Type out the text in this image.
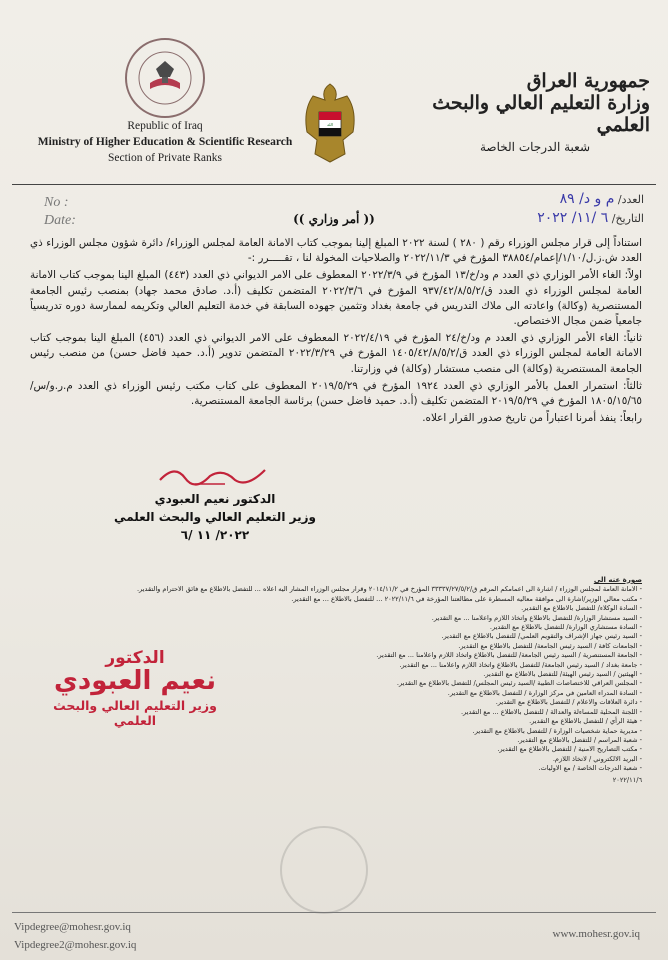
الله
Republic of Iraq
Ministry of Higher Education & Scientific Research
Section of Private Ranks
جمهورية العراق
وزارة التعليم العالي والبحث العلمي
شعبة الدرجات الخاصة
No :
Date:
العدد/ م و د/ ٨٩
التاريخ/ ٦ /١١/ ٢٠٢٢
(( أمر وزاري ))

استناداً إلى قرار مجلس الوزراء رقم ( ٢٨٠ ) لسنة ٢٠٢٢ المبلغ إلينا بموجب كتاب الامانة العامة لمجلس الوزراء/ دائرة شؤون مجلس الوزراء ذي العدد ش.ز.ل/١/١٠/إعمام/٣٨٨٥٤ المؤرخ في ٢٠٢٢/١١/٣ والصلاحيات المخولة لنا ، تقـــــرر :-

اولاً: الغاء الأمر الوزاري ذي العدد م ود/خ/١٣ المؤرخ في ٢٠٢٢/٣/٩ المعطوف على الامر الديواني ذي العدد (٤٤٣) المبلغ الينا بموجب كتاب الامانة العامة لمجلس الوزراء ذي العدد ق/٩٣٧/٤٢/٨/٥/٢ المؤرخ في ٢٠٢٢/٣/٦ المتضمن تكليف (أ.د. صادق محمد جهاد) بمنصب رئيس الجامعة المستنصرية (وكالة) واعادته الى ملاك التدريس في جامعة بغداد وتثمين جهوده السابقة في خدمة التعليم العالي وتكريمه لممارسة دوره تدريسياً جامعياً ضمن مجال الاختصاص.

ثانياً: الغاء الأمر الوزاري ذي العدد م ود/خ/٢٤ المؤرخ في ٢٠٢٢/٤/١٩ المعطوف على الامر الديواني ذي العدد (٤٥٦) المبلغ الينا بموجب كتاب الامانة العامة لمجلس الوزراء ذي العدد ق/١٤٠٥/٤٢/٨/٥/٢ المؤرخ في ٢٠٢٢/٣/٢٩ المتضمن تدوير (أ.د. حميد فاضل حسن) من منصب رئيس الجامعة المستنصرية (وكالة) الى منصب مستشار (وكالة) في وزارتنا.

ثالثاً: استمرار العمل بالأمر الوزاري ذي العدد ١٩٢٤ المؤرخ في ٢٠١٩/٥/٢٩ المعطوف على كتاب مكتب رئيس الوزراء ذي العدد م.ر.و/س/١٨٠٥/١٥/٦٥ المؤرخ في ٢٠١٩/٥/٢٩ المتضمن تكليف (أ.د. حميد فاضل حسن) برئاسة الجامعة المستنصرية.

رابعاً: ينفذ أمرنا اعتباراً من تاريخ صدور القرار اعلاه.

الدكتور نعيم العبودي
وزير التعليم العالي والبحث العلمي
٢٠٢٢/ ١١ /٦
صورة عنه الى
- الامانة العامة لمجلس الوزراء / اشارة الى اعمامكم المرقم ق/٣٣٣٣٧/٢٧/٥/٢ المؤرخ في ٢٠١٤/١١/٢ وقرار مجلس الوزراء المشار اليه اعلاه ... للتفضل بالاطلاع مع فائق الاحترام والتقدير.
- مكتب معالي الوزير/اشارة الى موافقة معاليه المسطرة على مطالعتنا المؤرخة في ٢٠٢٢/١١/٦ ... للتفضل بالاطلاع ... مع التقدير.
- السادة الوكلاء/ للتفضل بالاطلاع مع التقدير.
- السيد مستشار الوزارة/ للتفضل بالاطلاع واتخاذ اللازم واعلامنا ... مع التقدير.
- السادة مستشاري الوزارة/ للتفضل بالاطلاع مع التقدير.
- السيد رئيس جهاز الإشراف والتقويم العلمي/ للتفضل بالاطلاع مع التقدير.
- الجامعات كافة / السيد رئيس الجامعة/ للتفضل بالاطلاع مع التقدير.
- الجامعة المستنصرية / السيد رئيس الجامعة/ للتفضل بالاطلاع واتخاذ اللازم واعلامنا ... مع التقدير.
- جامعة بغداد / السيد رئيس الجامعة/ للتفضل بالاطلاع واتخاذ اللازم واعلامنا ... مع التقدير.
- الهيئتين / السيد رئيس الهيئة/ للتفضل بالاطلاع مع التقدير.
- المجلس العراقي للاختصاصات الطبية /السيد رئيس المجلس/ للتفضل بالاطلاع مع التقدير.
- السادة المدراء العامين في مركز الوزارة / للتفضل بالاطلاع مع التقدير.
- دائرة العلاقات والاعلام / للتفضل بالاطلاع مع التقدير.
- اللجنة المحلية للمساءلة والعدالة / للتفضل بالاطلاع ... مع التقدير.
- هيئة الرأي / للتفضل بالاطلاع مع التقدير.
- مديرية حماية شخصيات الوزارة / للتفضل بالاطلاع مع التقدير.
- شعبة المراسم / للتفضل بالاطلاع مع التقدير.
- مكتب التصاريح الامنية / للتفضل بالاطلاع مع التقدير.
- البريد الالكتروني / لاتخاذ اللازم.
- شعبة الدرجات الخاصة / مع الاوليات.
٢٠٢٢/١١/٦
الدكتور
نعيم العبودي
وزير التعليم العالي والبحث العلمي
Vipdegree@mohesr.gov.iq
Vipdegree2@mohesr.gov.iq
www.mohesr.gov.iq
